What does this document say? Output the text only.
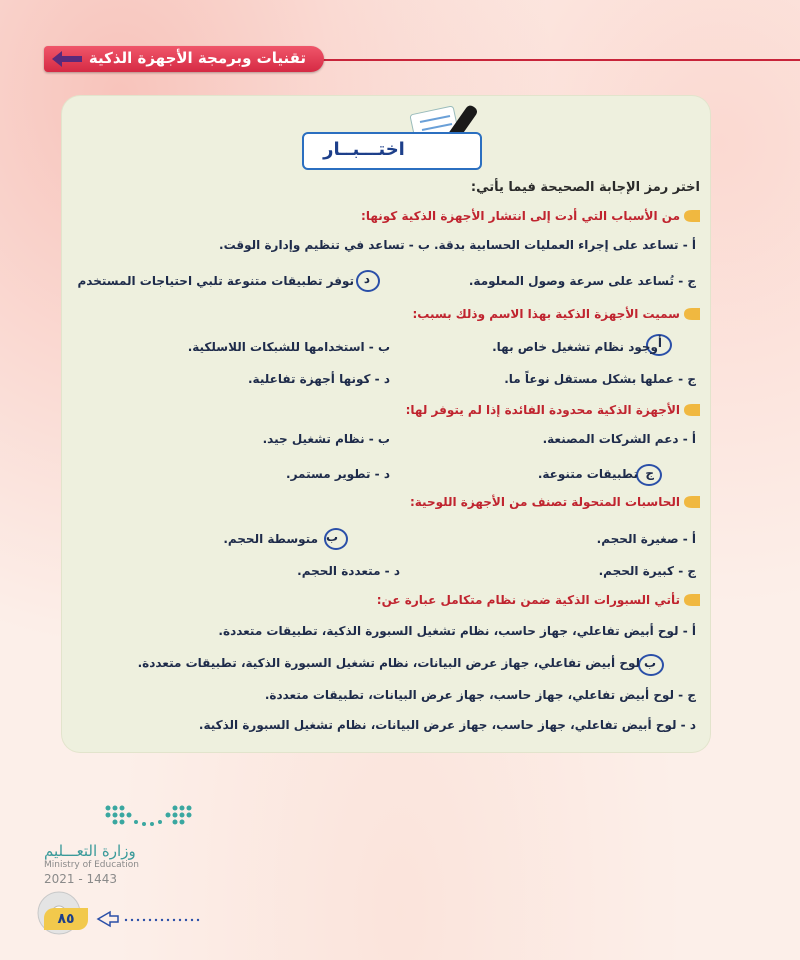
تقنيات وبرمجة الأجهزة الذكية
اختـــبــار
اختر رمز الإجابة الصحيحة فيما يأتي:
من الأسباب التي أدت إلى انتشار الأجهزة الذكية كونها:
أ - تساعد على إجراء العمليات الحسابية بدقة.
ب - تساعد في تنظيم وإدارة الوقت.
ج - تُساعد على سرعة وصول المعلومة.
د
توفر تطبيقات متنوعة تلبي احتياجات المستخدم
سميت الأجهزة الذكية بهذا الاسم وذلك بسبب:
أ
وجود نظام تشغيل خاص بها.
ب - استخدامها للشبكات اللاسلكية.
ج - عملها بشكل مستقل نوعاً ما.
د - كونها أجهزة تفاعلية.
الأجهزة الذكية محدودة الفائدة إذا لم يتوفر لها:
أ - دعم الشركات المصنعة.
ب - نظام تشغيل جيد.
ج
تطبيقات متنوعة.
د - تطوير مستمر.
الحاسبات المتحولة تصنف من الأجهزة اللوحية:
أ - صغيرة الحجم.
ب
متوسطة الحجم.
ج - كبيرة الحجم.
د - متعددة الحجم.
تأتي السبورات الذكية ضمن نظام متكامل عبارة عن:
أ - لوح أبيض تفاعلي، جهاز حاسب، نظام تشغيل السبورة الذكية، تطبيقات متعددة.
ب
لوح أبيض تفاعلي، جهاز عرض البيانات، نظام تشغيل السبورة الذكية، تطبيقات متعددة.
ج - لوح أبيض تفاعلي، جهاز حاسب، جهاز عرض البيانات، تطبيقات متعددة.
د - لوح أبيض تفاعلي، جهاز حاسب، جهاز عرض البيانات، نظام تشغيل السبورة الذكية.
وزارة التعـــليم
Ministry of Education
2021 - 1443
٨٥
